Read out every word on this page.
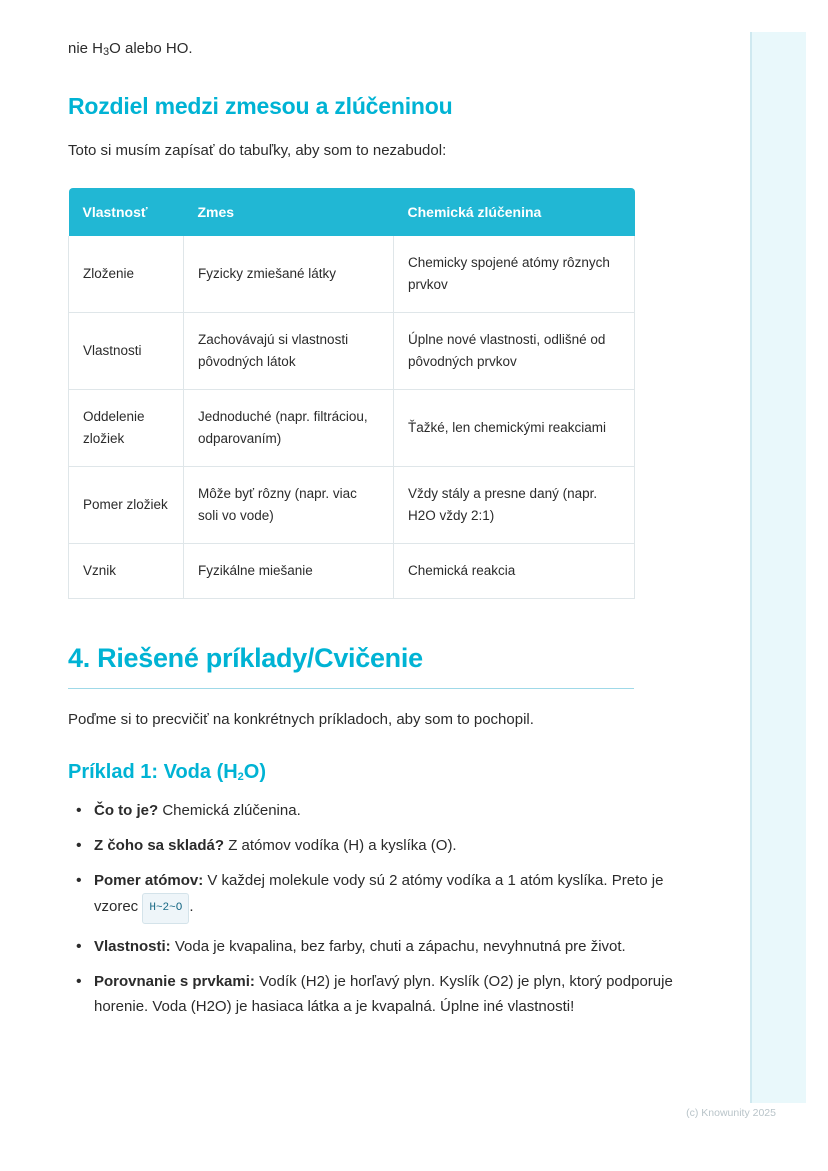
nie H3O alebo HO.

Rozdiel medzi zmesou a zlúčeninou

Toto si musím zapísať do tabuľky, aby som to nezabudol:

Vlastnosť	Zmes	Chemická zlúčenina
Zloženie	Fyzicky zmiešané látky	Chemicky spojené atómy rôznych prvkov
Vlastnosti	Zachovávajú si vlastnosti pôvodných látok	Úplne nové vlastnosti, odlišné od pôvodných prvkov
Oddelenie zložiek	Jednoduché (napr. filtráciou, odparovaním)	Ťažké, len chemickými reakciami
Pomer zložiek	Môže byť rôzny (napr. viac soli vo vode)	Vždy stály a presne daný (napr. H2O vždy 2:1)
Vznik	Fyzikálne miešanie	Chemická reakcia
4. Riešené príklady/Cvičenie

Poďme si to precvičiť na konkrétnych príkladoch, aby som to pochopil.

Príklad 1: Voda (H2O)
• Čo to je? Chemická zlúčenina.
• Z čoho sa skladá? Z atómov vodíka (H) a kyslíka (O).
• Pomer atómov: V každej molekule vody sú 2 atómy vodíka a 1 atóm kyslíka. Preto je vzorec H~2~O .
• Vlastnosti: Voda je kvapalina, bez farby, chuti a zápachu, nevyhnutná pre život.
• Porovnanie s prvkami: Vodík (H2) je horľavý plyn. Kyslík (O2) je plyn, ktorý podporuje horenie. Voda (H2O) je hasiaca látka a je kvapalná. Úplne iné vlastnosti!
(c) Knowunity 2025
